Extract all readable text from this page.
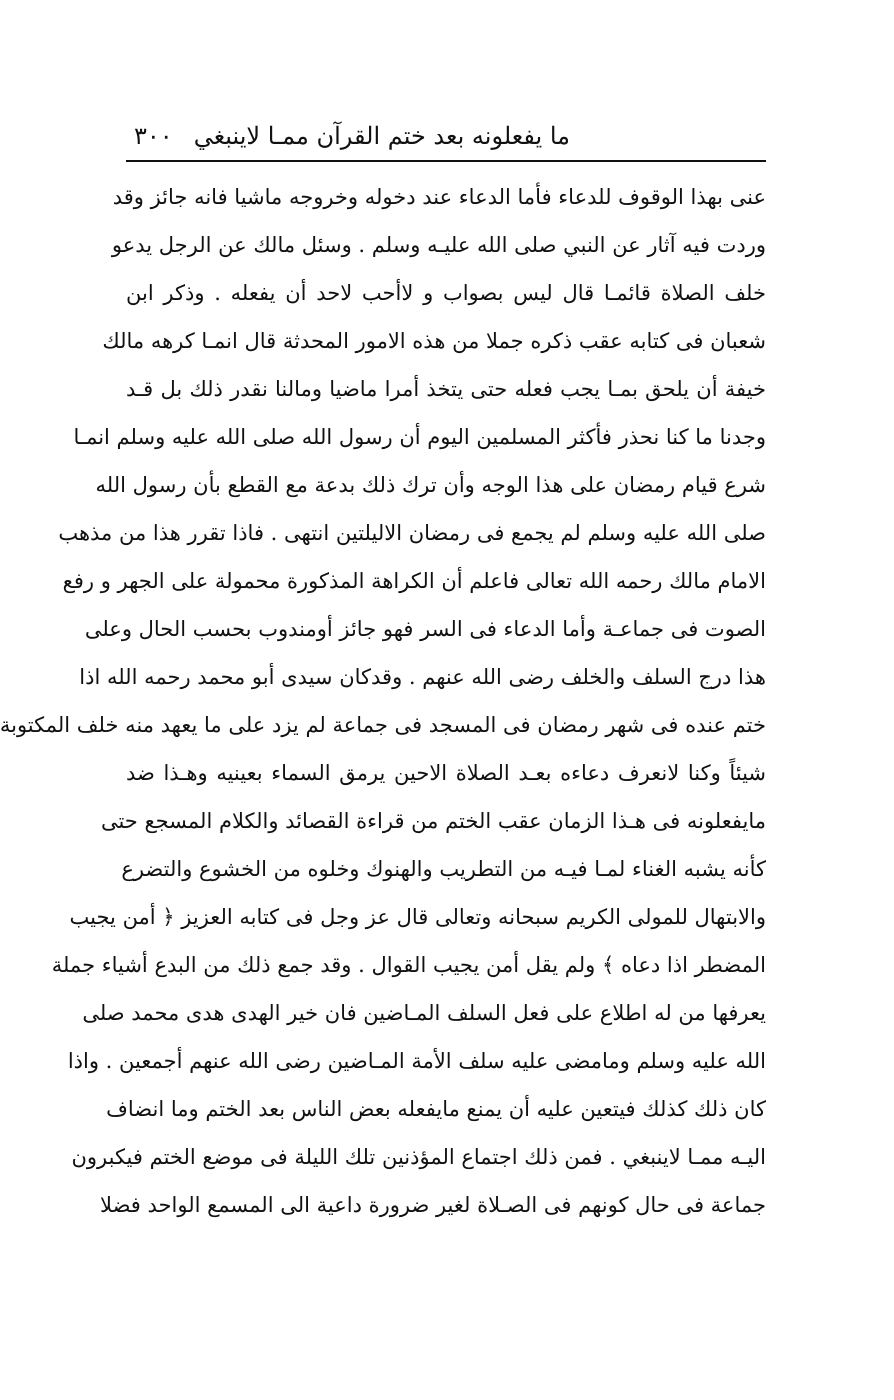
ما يفعلونه بعد ختم القرآن ممـا لاينبغي
٣٠٠
عنى بهذا الوقوف للدعاء فأما الدعاء عند دخوله وخروجه ماشيا فانه جائز وقد
وردت فيه آثار عن النبي صلى الله عليـه وسلم . وسئل مالك عن الرجل يدعو
خلف الصلاة قائمـا قال ليس بصواب و لاأحب لاحد أن يفعله . وذكر ابن
شعبان فى كتابه عقب ذكره جملا من هذه الامور المحدثة قال انمـا كرهه مالك
خيفة أن يلحق بمـا يجب فعله حتى يتخذ أمرا ماضيا ومالنا نقدر ذلك بل قـد
وجدنا ما كنا نحذر فأكثر المسلمين اليوم أن رسول الله صلى الله عليه وسلم انمـا
شرع قيام رمضان على هذا الوجه وأن ترك ذلك بدعة مع القطع بأن رسول الله
صلى الله عليه وسلم لم يجمع فى رمضان الاليلتين انتهى . فاذا تقرر هذا من مذهب
الامام مالك رحمه الله تعالى فاعلم أن الكراهة المذكورة محمولة على الجهر و رفع
الصوت فى جماعـة وأما الدعاء فى السر فهو جائز أومندوب بحسب الحال وعلى
هذا درج السلف والخلف رضى الله عنهم . وقدكان سيدى أبو محمد رحمه الله اذا
ختم عنده فى شهر رمضان فى المسجد فى جماعة لم يزد على ما يعهد منه خلف المكتوبة
شيئاً وكنا لانعرف دعاءه بعـد الصلاة الاحين يرمق السماء بعينيه وهـذا ضد
مايفعلونه فى هـذا الزمان عقب الختم من قراءة القصائد والكلام المسجع حتى
كأنه يشبه الغناء لمـا فيـه من التطريب والهنوك وخلوه من الخشوع والتضرع
والابتهال للمولى الكريم سبحانه وتعالى قال عز وجل فى كتابه العزيز ﴿ أمن يجيب
المضطر اذا دعاه ﴾ ولم يقل أمن يجيب القوال . وقد جمع ذلك من البدع أشياء جملة
يعرفها من له اطلاع على فعل السلف المـاضين فان خير الهدى هدى محمد صلى
الله عليه وسلم ومامضى عليه سلف الأمة المـاضين رضى الله عنهم أجمعين . واذا
كان ذلك كذلك فيتعين عليه أن يمنع مايفعله بعض الناس بعد الختم وما انضاف
اليـه ممـا لاينبغي . فمن ذلك اجتماع المؤذنين تلك الليلة فى موضع الختم فيكبرون
جماعة فى حال كونهم فى الصـلاة لغير ضرورة داعية الى المسمع الواحد فضلا
